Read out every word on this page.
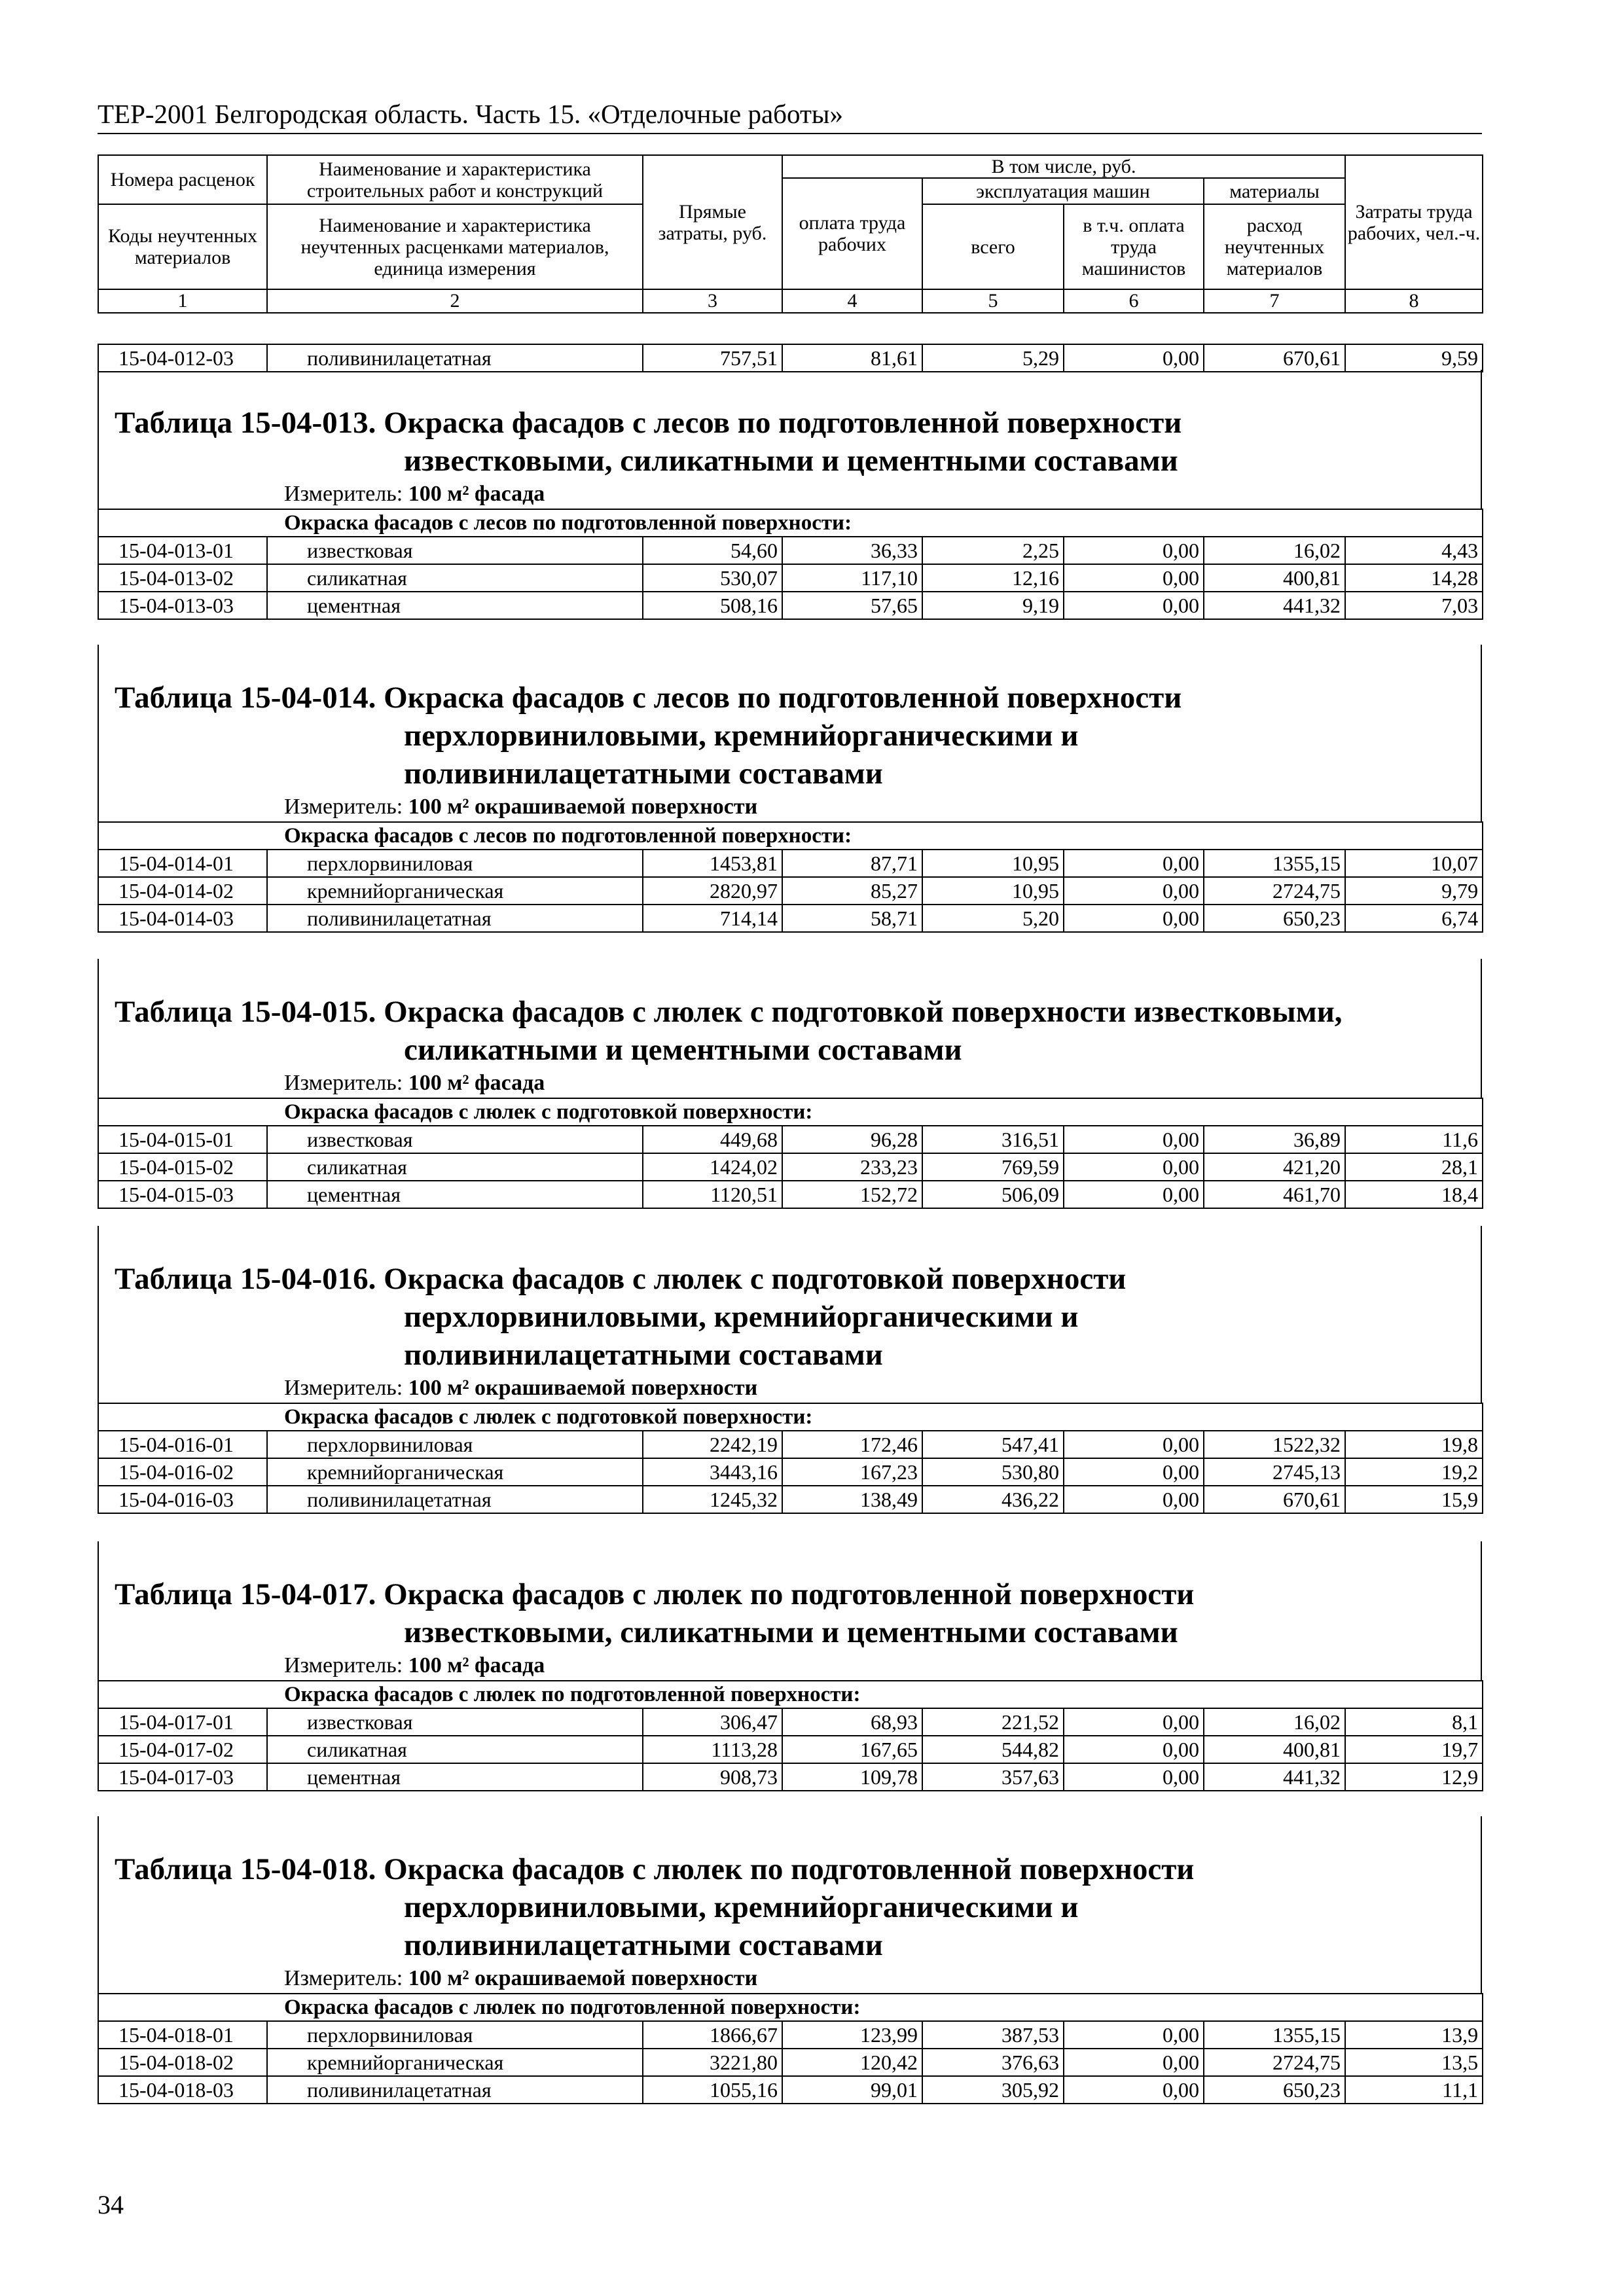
ТЕР-2001 Белгородская область. Часть 15. «Отделочные работы»
Номера расценок	Наименование и характеристика строительных работ и конструкций	Прямые затраты, руб.	В том числе, руб.				Затраты труда рабочих, чел.-ч.
			оплата труда рабочих	эксплуатация машин		материалы	
Коды неучтенных материалов	Наименование и характеристика неучтенных расценками материалов, единица измерения			всего	в т.ч. оплата труда машинистов	расход неучтенных материалов	

1	2	3	4	5	6	7	8
15-04-012-03	поливинилацетатная	757,51	81,61	5,29	0,00	670,61	9,59
Таблица 15-04-013. Окраска фасадов с лесов по подготовленной поверхности
известковыми, силикатными и цементными составами
Измеритель: 100 м² фасада
Окраска фасадов с лесов по подготовленной поверхности:							
15-04-013-01	известковая	54,60	36,33	2,25	0,00	16,02	4,43
15-04-013-02	силикатная	530,07	117,10	12,16	0,00	400,81	14,28
15-04-013-03	цементная	508,16	57,65	9,19	0,00	441,32	7,03
Таблица 15-04-014. Окраска фасадов с лесов по подготовленной поверхности
перхлорвиниловыми, кремнийорганическими и
поливинилацетатными составами
Измеритель: 100 м² окрашиваемой поверхности
Окраска фасадов с лесов по подготовленной поверхности:							
15-04-014-01	перхлорвиниловая	1453,81	87,71	10,95	0,00	1355,15	10,07
15-04-014-02	кремнийорганическая	2820,97	85,27	10,95	0,00	2724,75	9,79
15-04-014-03	поливинилацетатная	714,14	58,71	5,20	0,00	650,23	6,74
Таблица 15-04-015. Окраска фасадов с люлек с подготовкой поверхности известковыми,
силикатными и цементными составами
Измеритель: 100 м² фасада
Окраска фасадов с люлек с подготовкой поверхности:							
15-04-015-01	известковая	449,68	96,28	316,51	0,00	36,89	11,6
15-04-015-02	силикатная	1424,02	233,23	769,59	0,00	421,20	28,1
15-04-015-03	цементная	1120,51	152,72	506,09	0,00	461,70	18,4
Таблица 15-04-016. Окраска фасадов с люлек с подготовкой поверхности
перхлорвиниловыми, кремнийорганическими и
поливинилацетатными составами
Измеритель: 100 м² окрашиваемой поверхности
Окраска фасадов с люлек с подготовкой поверхности:							
15-04-016-01	перхлорвиниловая	2242,19	172,46	547,41	0,00	1522,32	19,8
15-04-016-02	кремнийорганическая	3443,16	167,23	530,80	0,00	2745,13	19,2
15-04-016-03	поливинилацетатная	1245,32	138,49	436,22	0,00	670,61	15,9
Таблица 15-04-017. Окраска фасадов с люлек по подготовленной поверхности
известковыми, силикатными и цементными составами
Измеритель: 100 м² фасада
Окраска фасадов с люлек по подготовленной поверхности:							
15-04-017-01	известковая	306,47	68,93	221,52	0,00	16,02	8,1
15-04-017-02	силикатная	1113,28	167,65	544,82	0,00	400,81	19,7
15-04-017-03	цементная	908,73	109,78	357,63	0,00	441,32	12,9
Таблица 15-04-018. Окраска фасадов с люлек по подготовленной поверхности
перхлорвиниловыми, кремнийорганическими и
поливинилацетатными составами
Измеритель: 100 м² окрашиваемой поверхности
Окраска фасадов с люлек по подготовленной поверхности:							
15-04-018-01	перхлорвиниловая	1866,67	123,99	387,53	0,00	1355,15	13,9
15-04-018-02	кремнийорганическая	3221,80	120,42	376,63	0,00	2724,75	13,5
15-04-018-03	поливинилацетатная	1055,16	99,01	305,92	0,00	650,23	11,1
34
